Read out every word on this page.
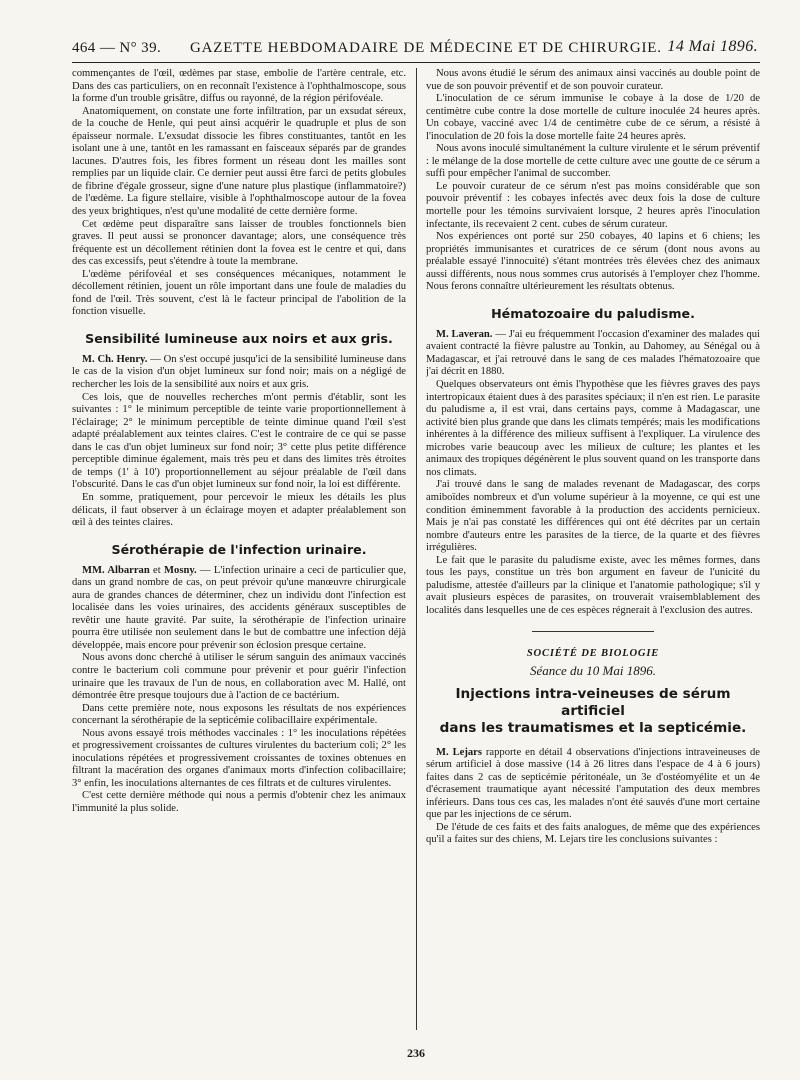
464 — N° 39. GAZETTE HEBDOMADAIRE DE MÉDECINE ET DE CHIRURGIE. 14 Mai 1896.

commençantes de l'œil, œdèmes par stase, embolie de l'artère centrale, etc. Dans des cas particuliers, on en reconnaît l'existence à l'ophthalmoscope, sous la forme d'un trouble grisâtre, diffus ou rayonné, de la région périfovéale.

Anatomiquement, on constate une forte infiltration, par un exsudat séreux, de la couche de Henle, qui peut ainsi acquérir le quadruple et plus de son épaisseur normale. L'exsudat dissocie les fibres constituantes, tantôt en les isolant une à une, tantôt en les ramassant en faisceaux séparés par de grandes lacunes. D'autres fois, les fibres forment un réseau dont les mailles sont remplies par un liquide clair. Ce dernier peut aussi être farci de petits globules de fibrine d'égale grosseur, signe d'une nature plus plastique (inflammatoire?) de l'œdème. La figure stellaire, visible à l'ophthalmoscope autour de la fovea des yeux brightiques, n'est qu'une modalité de cette dernière forme.

Cet œdème peut disparaître sans laisser de troubles fonctionnels bien graves. Il peut aussi se prononcer davantage; alors, une conséquence très fréquente est un décollement rétinien dont la fovea est le centre et qui, dans des cas excessifs, peut s'étendre à toute la membrane.

L'œdème périfovéal et ses conséquences mécaniques, notamment le décollement rétinien, jouent un rôle important dans une foule de maladies du fond de l'œil. Très souvent, c'est là le facteur principal de l'abolition de la fonction visuelle.

Sensibilité lumineuse aux noirs et aux gris.

M. Ch. Henry. — On s'est occupé jusqu'ici de la sensibilité lumineuse dans le cas de la vision d'un objet lumineux sur fond noir; mais on a négligé de rechercher les lois de la sensibilité aux noirs et aux gris.

Ces lois, que de nouvelles recherches m'ont permis d'établir, sont les suivantes : 1° le minimum perceptible de teinte varie proportionnellement à l'éclairage; 2° le minimum perceptible de teinte diminue quand l'œil s'est adapté préalablement aux teintes claires. C'est le contraire de ce qui se passe dans le cas d'un objet lumineux sur fond noir; 3° cette plus petite différence perceptible diminue également, mais très peu et dans des limites très étroites de temps (1' à 10') proportionnellement au séjour préalable de l'œil dans l'obscurité. Dans le cas d'un objet lumineux sur fond noir, la loi est différente.

En somme, pratiquement, pour percevoir le mieux les détails les plus délicats, il faut observer à un éclairage moyen et adapter préalablement son œil à des teintes claires.

Sérothérapie de l'infection urinaire.

MM. Albarran et Mosny. — L'infection urinaire a ceci de particulier que, dans un grand nombre de cas, on peut prévoir qu'une manœuvre chirurgicale aura de grandes chances de déterminer, chez un individu dont l'infection est localisée dans les voies urinaires, des accidents généraux susceptibles de revêtir une haute gravité. Par suite, la sérothérapie de l'infection urinaire pourra être utilisée non seulement dans le but de combattre une infection déjà développée, mais encore pour prévenir son éclosion presque certaine.

Nous avons donc cherché à utiliser le sérum sanguin des animaux vaccinés contre le bacterium coli commune pour prévenir et pour guérir l'infection urinaire que les travaux de l'un de nous, en collaboration avec M. Hallé, ont démontrée être presque toujours due à l'action de ce bactérium.

Dans cette première note, nous exposons les résultats de nos expériences concernant la sérothérapie de la septicémie colibacillaire expérimentale.

Nous avons essayé trois méthodes vaccinales : 1° les inoculations répétées et progressivement croissantes de cultures virulentes du bacterium coli; 2° les inoculations répétées et progressivement croissantes de toxines obtenues en filtrant la macération des organes d'animaux morts d'infection colibacillaire; 3° enfin, les inoculations alternantes de ces filtrats et de cultures virulentes.

C'est cette dernière méthode qui nous a permis d'obtenir chez les animaux l'immunité la plus solide.

Nous avons étudié le sérum des animaux ainsi vaccinés au double point de vue de son pouvoir préventif et de son pouvoir curateur.

L'inoculation de ce sérum immunise le cobaye à la dose de 1/20 de centimètre cube contre la dose mortelle de culture inoculée 24 heures après. Un cobaye, vacciné avec 1/4 de centimètre cube de ce sérum, a résisté à l'inoculation de 20 fois la dose mortelle faite 24 heures après.

Nous avons inoculé simultanément la culture virulente et le sérum préventif : le mélange de la dose mortelle de cette culture avec une goutte de ce sérum a suffi pour empêcher l'animal de succomber.

Le pouvoir curateur de ce sérum n'est pas moins considérable que son pouvoir préventif : les cobayes infectés avec deux fois la dose de culture mortelle pour les témoins survivaient lorsque, 2 heures après l'inoculation infectante, ils recevaient 2 cent. cubes de sérum curateur.

Nos expériences ont porté sur 250 cobayes, 40 lapins et 6 chiens; les propriétés immunisantes et curatrices de ce sérum (dont nous avons au préalable essayé l'innocuité) s'étant montrées très élevées chez des animaux aussi différents, nous nous sommes crus autorisés à l'employer chez l'homme. Nous ferons connaître ultérieurement les résultats obtenus.

Hématozoaire du paludisme.

M. Laveran. — J'ai eu fréquemment l'occasion d'examiner des malades qui avaient contracté la fièvre palustre au Tonkin, au Dahomey, au Sénégal ou à Madagascar, et j'ai retrouvé dans le sang de ces malades l'hématozoaire que j'ai décrit en 1880.

Quelques observateurs ont émis l'hypothèse que les fièvres graves des pays intertropicaux étaient dues à des parasites spéciaux; il n'en est rien. Le parasite du paludisme a, il est vrai, dans certains pays, comme à Madagascar, une activité bien plus grande que dans les climats tempérés; mais les modifications inhérentes à la différence des milieux suffisent à l'expliquer. La virulence des microbes varie beaucoup avec les milieux de culture; les plantes et les animaux des tropiques dégénèrent le plus souvent quand on les transporte dans nos climats.

J'ai trouvé dans le sang de malades revenant de Madagascar, des corps amiboïdes nombreux et d'un volume supérieur à la moyenne, ce qui est une condition éminemment favorable à la production des accidents pernicieux. Mais je n'ai pas constaté les différences qui ont été décrites par un certain nombre d'auteurs entre les parasites de la tierce, de la quarte et des fièvres irrégulières.

Le fait que le parasite du paludisme existe, avec les mêmes formes, dans tous les pays, constitue un très bon argument en faveur de l'unicité du paludisme, attestée d'ailleurs par la clinique et l'anatomie pathologique; s'il y avait plusieurs espèces de parasites, on trouverait vraisemblablement des localités dans lesquelles une de ces espèces régnerait à l'exclusion des autres.

SOCIÉTÉ DE BIOLOGIE
Séance du 10 Mai 1896.
Injections intra-veineuses de sérum artificiel
dans les traumatismes et la septicémie.

M. Lejars rapporte en détail 4 observations d'injections intraveineuses de sérum artificiel à dose massive (14 à 26 litres dans l'espace de 4 à 6 jours) faites dans 2 cas de septicémie péritonéale, un 3e d'ostéomyélite et un 4e d'écrasement traumatique ayant nécessité l'amputation des deux membres inférieurs. Dans tous ces cas, les malades n'ont été sauvés d'une mort certaine que par les injections de ce sérum.

De l'étude de ces faits et des faits analogues, de même que des expériences qu'il a faites sur des chiens, M. Lejars tire les conclusions suivantes :

236
